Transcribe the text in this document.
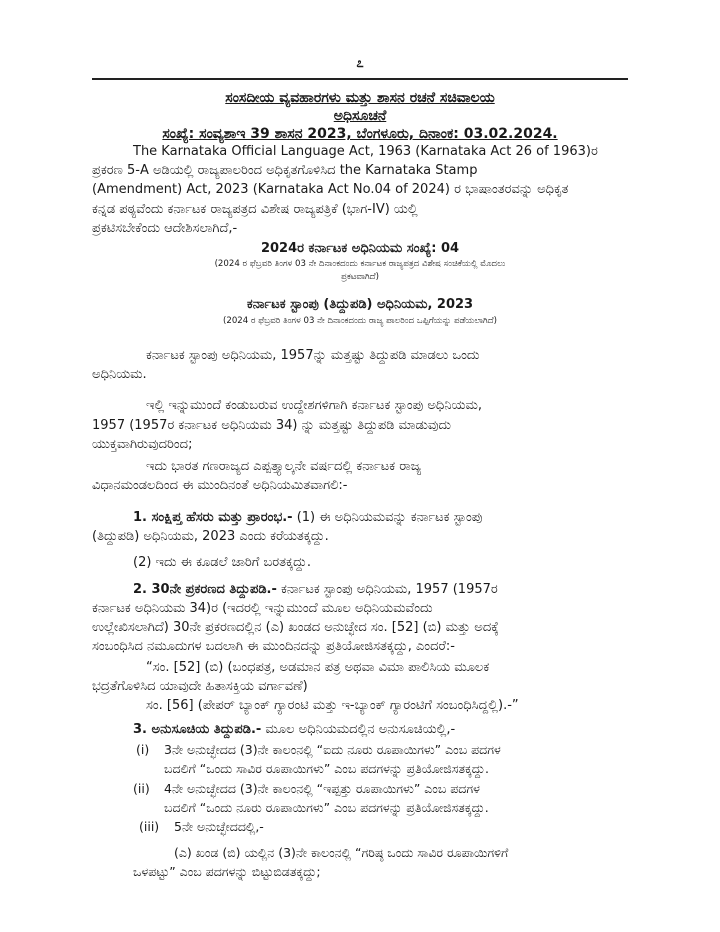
೭
ಸಂಸದೀಯ ವ್ಯವಹಾರಗಳು ಮತ್ತು ಶಾಸನ ರಚನೆ ಸಚಿವಾಲಯ
ಅಧಿಸೂಚನೆ
ಸಂಖ್ಯೆ: ಸಂವ್ಯಶಾಇ 39 ಶಾಸನ 2023, ಬೆಂಗಳೂರು, ದಿನಾಂಕ: 03.02.2024.
The Karnataka Official Language Act, 1963 (Karnataka Act 26 of 1963)ರ
ಪ್ರಕರಣ 5-A ಅಡಿಯಲ್ಲಿ ರಾಜ್ಯಪಾಲರಿಂದ ಅಧಿಕೃತಗೊಳಿಸಿದ the Karnataka Stamp
(Amendment) Act, 2023 (Karnataka Act No.04 of 2024) ರ ಭಾಷಾಂತರವನ್ನು ಅಧಿಕೃತ
ಕನ್ನಡ ಪಠ್ಯವೆಂದು ಕರ್ನಾಟಕ ರಾಜ್ಯಪತ್ರದ ವಿಶೇಷ ರಾಜ್ಯಪತ್ರಿಕೆ (ಭಾಗ-IV) ಯಲ್ಲಿ
ಪ್ರಕಟಿಸಬೇಕೆಂದು ಆದೇಶಿಸಲಾಗಿದೆ,-
2024ರ ಕರ್ನಾಟಕ ಅಧಿನಿಯಮ ಸಂಖ್ಯೆ: 04
(2024 ರ ಫೆಬ್ರವರಿ ತಿಂಗಳ 03 ನೇ ದಿನಾಂಕದಂದು ಕರ್ನಾಟಕ ರಾಜ್ಯಪತ್ರದ ವಿಶೇಷ ಸಂಚಿಕೆಯಲ್ಲಿ ಮೊದಲು
ಪ್ರಕಟವಾಗಿದೆ)
ಕರ್ನಾಟಕ ಸ್ಟಾಂಪು (ತಿದ್ದುಪಡಿ) ಅಧಿನಿಯಮ, 2023
(2024 ರ ಫೆಬ್ರವರಿ ತಿಂಗಳ 03 ನೇ ದಿನಾಂಕದಂದು ರಾಜ್ಯ ಪಾಲರಿಂದ ಒಪ್ಪಿಗೆಯನ್ನು ಪಡೆಯಲಾಗಿದೆ)
ಕರ್ನಾಟಕ ಸ್ಟಾಂಪು ಅಧಿನಿಯಮ, 1957ನ್ನು ಮತ್ತಷ್ಟು ತಿದ್ದುಪಡಿ ಮಾಡಲು ಒಂದು
ಅಧಿನಿಯಮ.
ಇಲ್ಲಿ ಇನ್ನುಮುಂದೆ ಕಂಡುಬರುವ ಉದ್ದೇಶಗಳಿಗಾಗಿ ಕರ್ನಾಟಕ ಸ್ಟಾಂಪು ಅಧಿನಿಯಮ,
1957 (1957ರ ಕರ್ನಾಟಕ ಅಧಿನಿಯಮ 34) ನ್ನು ಮತ್ತಷ್ಟು ತಿದ್ದುಪಡಿ ಮಾಡುವುದು
ಯುಕ್ತವಾಗಿರುವುದರಿಂದ;
ಇದು ಭಾರತ ಗಣರಾಜ್ಯದ ಎಪ್ಪತ್ತ್ಯಾಲ್ಕನೇ ವರ್ಷದಲ್ಲಿ ಕರ್ನಾಟಕ ರಾಜ್ಯ
ವಿಧಾನಮಂಡಲದಿಂದ ಈ ಮುಂದಿನಂತೆ ಅಧಿನಿಯಮಿತವಾಗಲಿ:-
1. ಸಂಕ್ಷಿಪ್ತ ಹೆಸರು ಮತ್ತು ಪ್ರಾರಂಭ.- (1) ಈ ಅಧಿನಿಯಮವನ್ನು ಕರ್ನಾಟಕ ಸ್ಟಾಂಪು
(ತಿದ್ದುಪಡಿ) ಅಧಿನಿಯಮ, 2023 ಎಂದು ಕರೆಯತಕ್ಕದ್ದು.
(2) ಇದು ಈ ಕೂಡಲೆ ಜಾರಿಗೆ ಬರತಕ್ಕದ್ದು.
2. 30ನೇ ಪ್ರಕರಣದ ತಿದ್ದುಪಡಿ.- ಕರ್ನಾಟಕ ಸ್ಟಾಂಪು ಅಧಿನಿಯಮ, 1957 (1957ರ
ಕರ್ನಾಟಕ ಅಧಿನಿಯಮ 34)ರ (ಇದರಲ್ಲಿ ಇನ್ನುಮುಂದೆ ಮೂಲ ಅಧಿನಿಯಮವೆಂದು
ಉಲ್ಲೇಖಿಸಲಾಗಿದೆ) 30ನೇ ಪ್ರಕರಣದಲ್ಲಿನ (ಎ) ಖಂಡದ ಅನುಚ್ಛೇದ ಸಂ. [52] (ಬಿ) ಮತ್ತು ಅದಕ್ಕೆ
ಸಂಬಂಧಿಸಿದ ನಮೂದುಗಳ ಬದಲಾಗಿ ಈ ಮುಂದಿನದನ್ನು ಪ್ರತಿಯೋಜಿಸತಕ್ಕದ್ದು, ಎಂದರೆ:-
“ಸಂ. [52] (ಬಿ) (ಬಂಧಪತ್ರ, ಅಡಮಾನ ಪತ್ರ ಅಥವಾ ವಿಮಾ ಪಾಲಿಸಿಯ ಮೂಲಕ
ಭದ್ರತೆಗೊಳಿಸಿದ ಯಾವುದೇ ಹಿತಾಸಕ್ತಿಯ ವರ್ಗಾವಣೆ)
ಸಂ. [56] (ಪೇಪರ್ ಬ್ಯಾಂಕ್ ಗ್ಯಾರಂಟಿ ಮತ್ತು ಇ-ಬ್ಯಾಂಕ್ ಗ್ಯಾರಂಟಿಗೆ ಸಂಬಂಧಿಸಿದ್ದಲ್ಲಿ).-”
3. ಅನುಸೂಚಿಯ ತಿದ್ದುಪಡಿ.- ಮೂಲ ಅಧಿನಿಯಮದಲ್ಲಿನ ಅನುಸೂಚಿಯಲ್ಲಿ,-
(i) 3ನೇ ಅನುಚ್ಛೇದದ (3)ನೇ ಕಾಲಂನಲ್ಲಿ “ಐದು ನೂರು ರೂಪಾಯಿಗಳು” ಎಂಬ ಪದಗಳ
ಬದಲಿಗೆ “ಒಂದು ಸಾವಿರ ರೂಪಾಯಿಗಳು” ಎಂಬ ಪದಗಳನ್ನು ಪ್ರತಿಯೋಜಿಸತಕ್ಕದ್ದು.
(ii) 4ನೇ ಅನುಚ್ಛೇದದ (3)ನೇ ಕಾಲಂನಲ್ಲಿ “ಇಪ್ಪತ್ತು ರೂಪಾಯಿಗಳು” ಎಂಬ ಪದಗಳ
ಬದಲಿಗೆ “ಒಂದು ನೂರು ರೂಪಾಯಿಗಳು” ಎಂಬ ಪದಗಳನ್ನು ಪ್ರತಿಯೋಜಿಸತಕ್ಕದ್ದು.
(iii) 5ನೇ ಅನುಚ್ಛೇದದಲ್ಲಿ,-
(ಎ) ಖಂಡ (ಬಿ) ಯಲ್ಲಿನ (3)ನೇ ಕಾಲಂನಲ್ಲಿ “ಗರಿಷ್ಠ ಒಂದು ಸಾವಿರ ರೂಪಾಯಿಗಳಿಗೆ
ಒಳಪಟ್ಟು” ಎಂಬ ಪದಗಳನ್ನು ಬಿಟ್ಟುಬಿಡತಕ್ಕದ್ದು;
